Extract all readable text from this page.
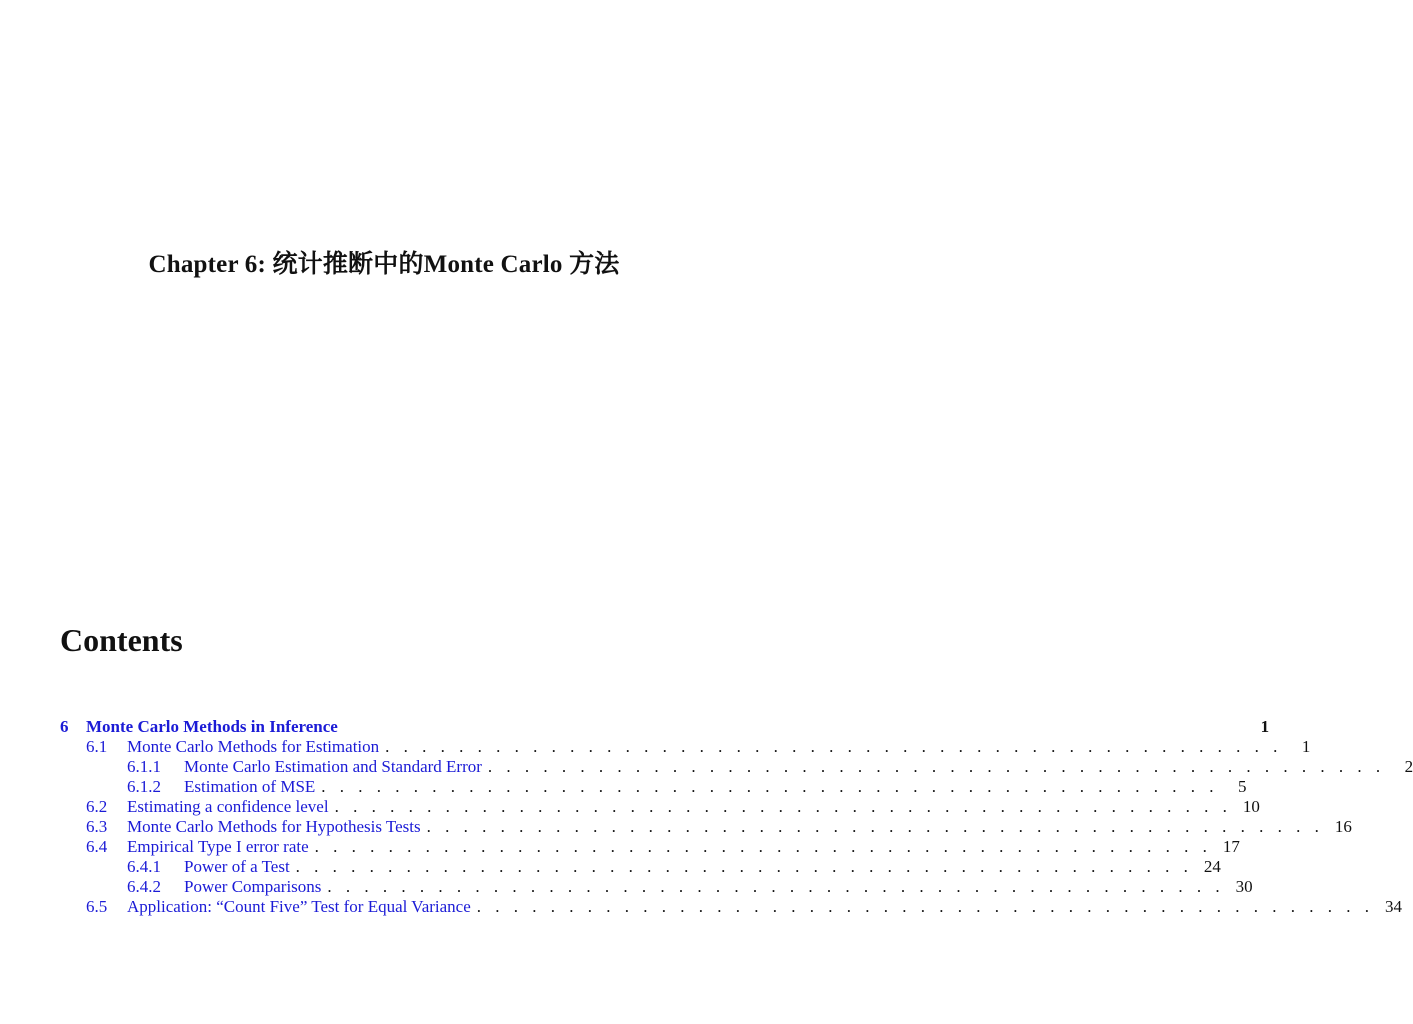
Chapter 6: 统计推断中的Monte Carlo 方法
Contents
6	Monte Carlo Methods in Inference	1
6.1	Monte Carlo Methods for Estimation . . . . . . . . . . . . . . . . . . . . . . . . . . . . . . . . . . . . . . . . . . . . . . . . .	1
6.1.1	Monte Carlo Estimation and Standard Error . . . . . . . . . . . . . . . . . . . . . . . . . . . . . . . . . . . . . . . . . . . . . . . . .	2
6.1.2	Estimation of MSE . . . . . . . . . . . . . . . . . . . . . . . . . . . . . . . . . . . . . . . . . . . . . . . . .	5
6.2	Estimating a confidence level . . . . . . . . . . . . . . . . . . . . . . . . . . . . . . . . . . . . . . . . . . . . . . . . . 10
6.3	Monte Carlo Methods for Hypothesis Tests . . . . . . . . . . . . . . . . . . . . . . . . . . . . . . . . . . . . . . . . . . . . . . . . . 16
6.4	Empirical Type I error rate . . . . . . . . . . . . . . . . . . . . . . . . . . . . . . . . . . . . . . . . . . . . . . . . . 17
6.4.1	Power of a Test . . . . . . . . . . . . . . . . . . . . . . . . . . . . . . . . . . . . . . . . . . . . . . . . . 24
6.4.2	Power Comparisons . . . . . . . . . . . . . . . . . . . . . . . . . . . . . . . . . . . . . . . . . . . . . . . . . 30
6.5	Application: “Count Five” Test for Equal Variance . . . . . . . . . . . . . . . . . . . . . . . . . . . . . . . . . . . . . . . . . . . . . . . . . 34
